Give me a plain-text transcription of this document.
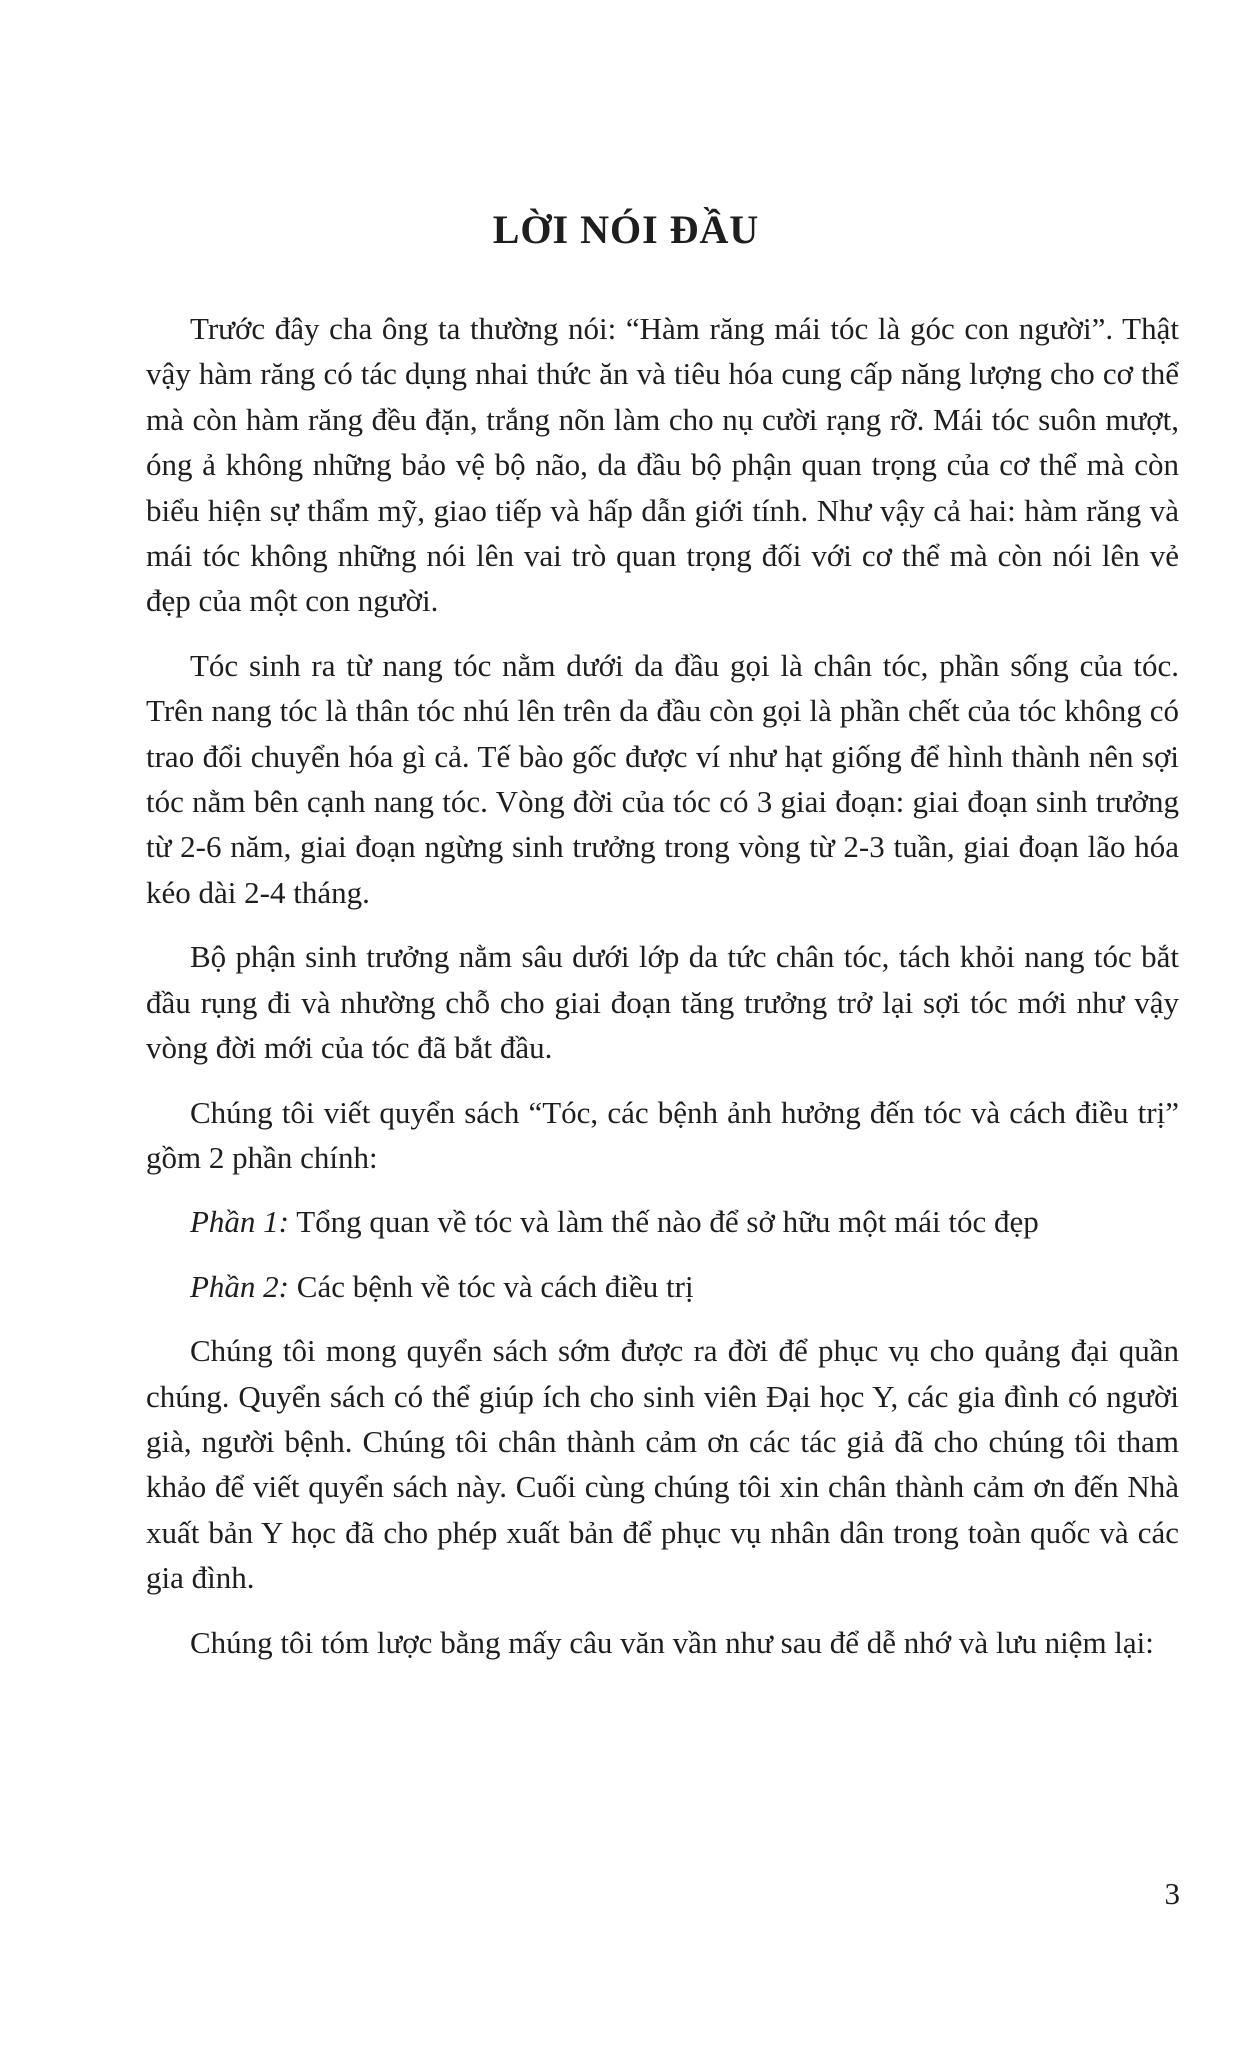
LỜI NÓI ĐẦU

Trước đây cha ông ta thường nói: “Hàm răng mái tóc là góc con người”. Thật vậy hàm răng có tác dụng nhai thức ăn và tiêu hóa cung cấp năng lượng cho cơ thể mà còn hàm răng đều đặn, trắng nõn làm cho nụ cười rạng rỡ. Mái tóc suôn mượt, óng ả không những bảo vệ bộ não, da đầu bộ phận quan trọng của cơ thể mà còn biểu hiện sự thẩm mỹ, giao tiếp và hấp dẫn giới tính. Như vậy cả hai: hàm răng và mái tóc không những nói lên vai trò quan trọng đối với cơ thể mà còn nói lên vẻ đẹp của một con người.

Tóc sinh ra từ nang tóc nằm dưới da đầu gọi là chân tóc, phần sống của tóc. Trên nang tóc là thân tóc nhú lên trên da đầu còn gọi là phần chết của tóc không có trao đổi chuyển hóa gì cả. Tế bào gốc được ví như hạt giống để hình thành nên sợi tóc nằm bên cạnh nang tóc. Vòng đời của tóc có 3 giai đoạn: giai đoạn sinh trưởng từ 2-6 năm, giai đoạn ngừng sinh trưởng trong vòng từ 2-3 tuần, giai đoạn lão hóa kéo dài 2-4 tháng.

Bộ phận sinh trưởng nằm sâu dưới lớp da tức chân tóc, tách khỏi nang tóc bắt đầu rụng đi và nhường chỗ cho giai đoạn tăng trưởng trở lại sợi tóc mới như vậy vòng đời mới của tóc đã bắt đầu.

Chúng tôi viết quyển sách “Tóc, các bệnh ảnh hưởng đến tóc và cách điều trị” gồm 2 phần chính:

Phần 1: Tổng quan về tóc và làm thế nào để sở hữu một mái tóc đẹp

Phần 2: Các bệnh về tóc và cách điều trị

Chúng tôi mong quyển sách sớm được ra đời để phục vụ cho quảng đại quần chúng. Quyển sách có thể giúp ích cho sinh viên Đại học Y, các gia đình có người già, người bệnh. Chúng tôi chân thành cảm ơn các tác giả đã cho chúng tôi tham khảo để viết quyển sách này. Cuối cùng chúng tôi xin chân thành cảm ơn đến Nhà xuất bản Y học đã cho phép xuất bản để phục vụ nhân dân trong toàn quốc và các gia đình.

Chúng tôi tóm lược bằng mấy câu văn vần như sau để dễ nhớ và lưu niệm lại:

3
